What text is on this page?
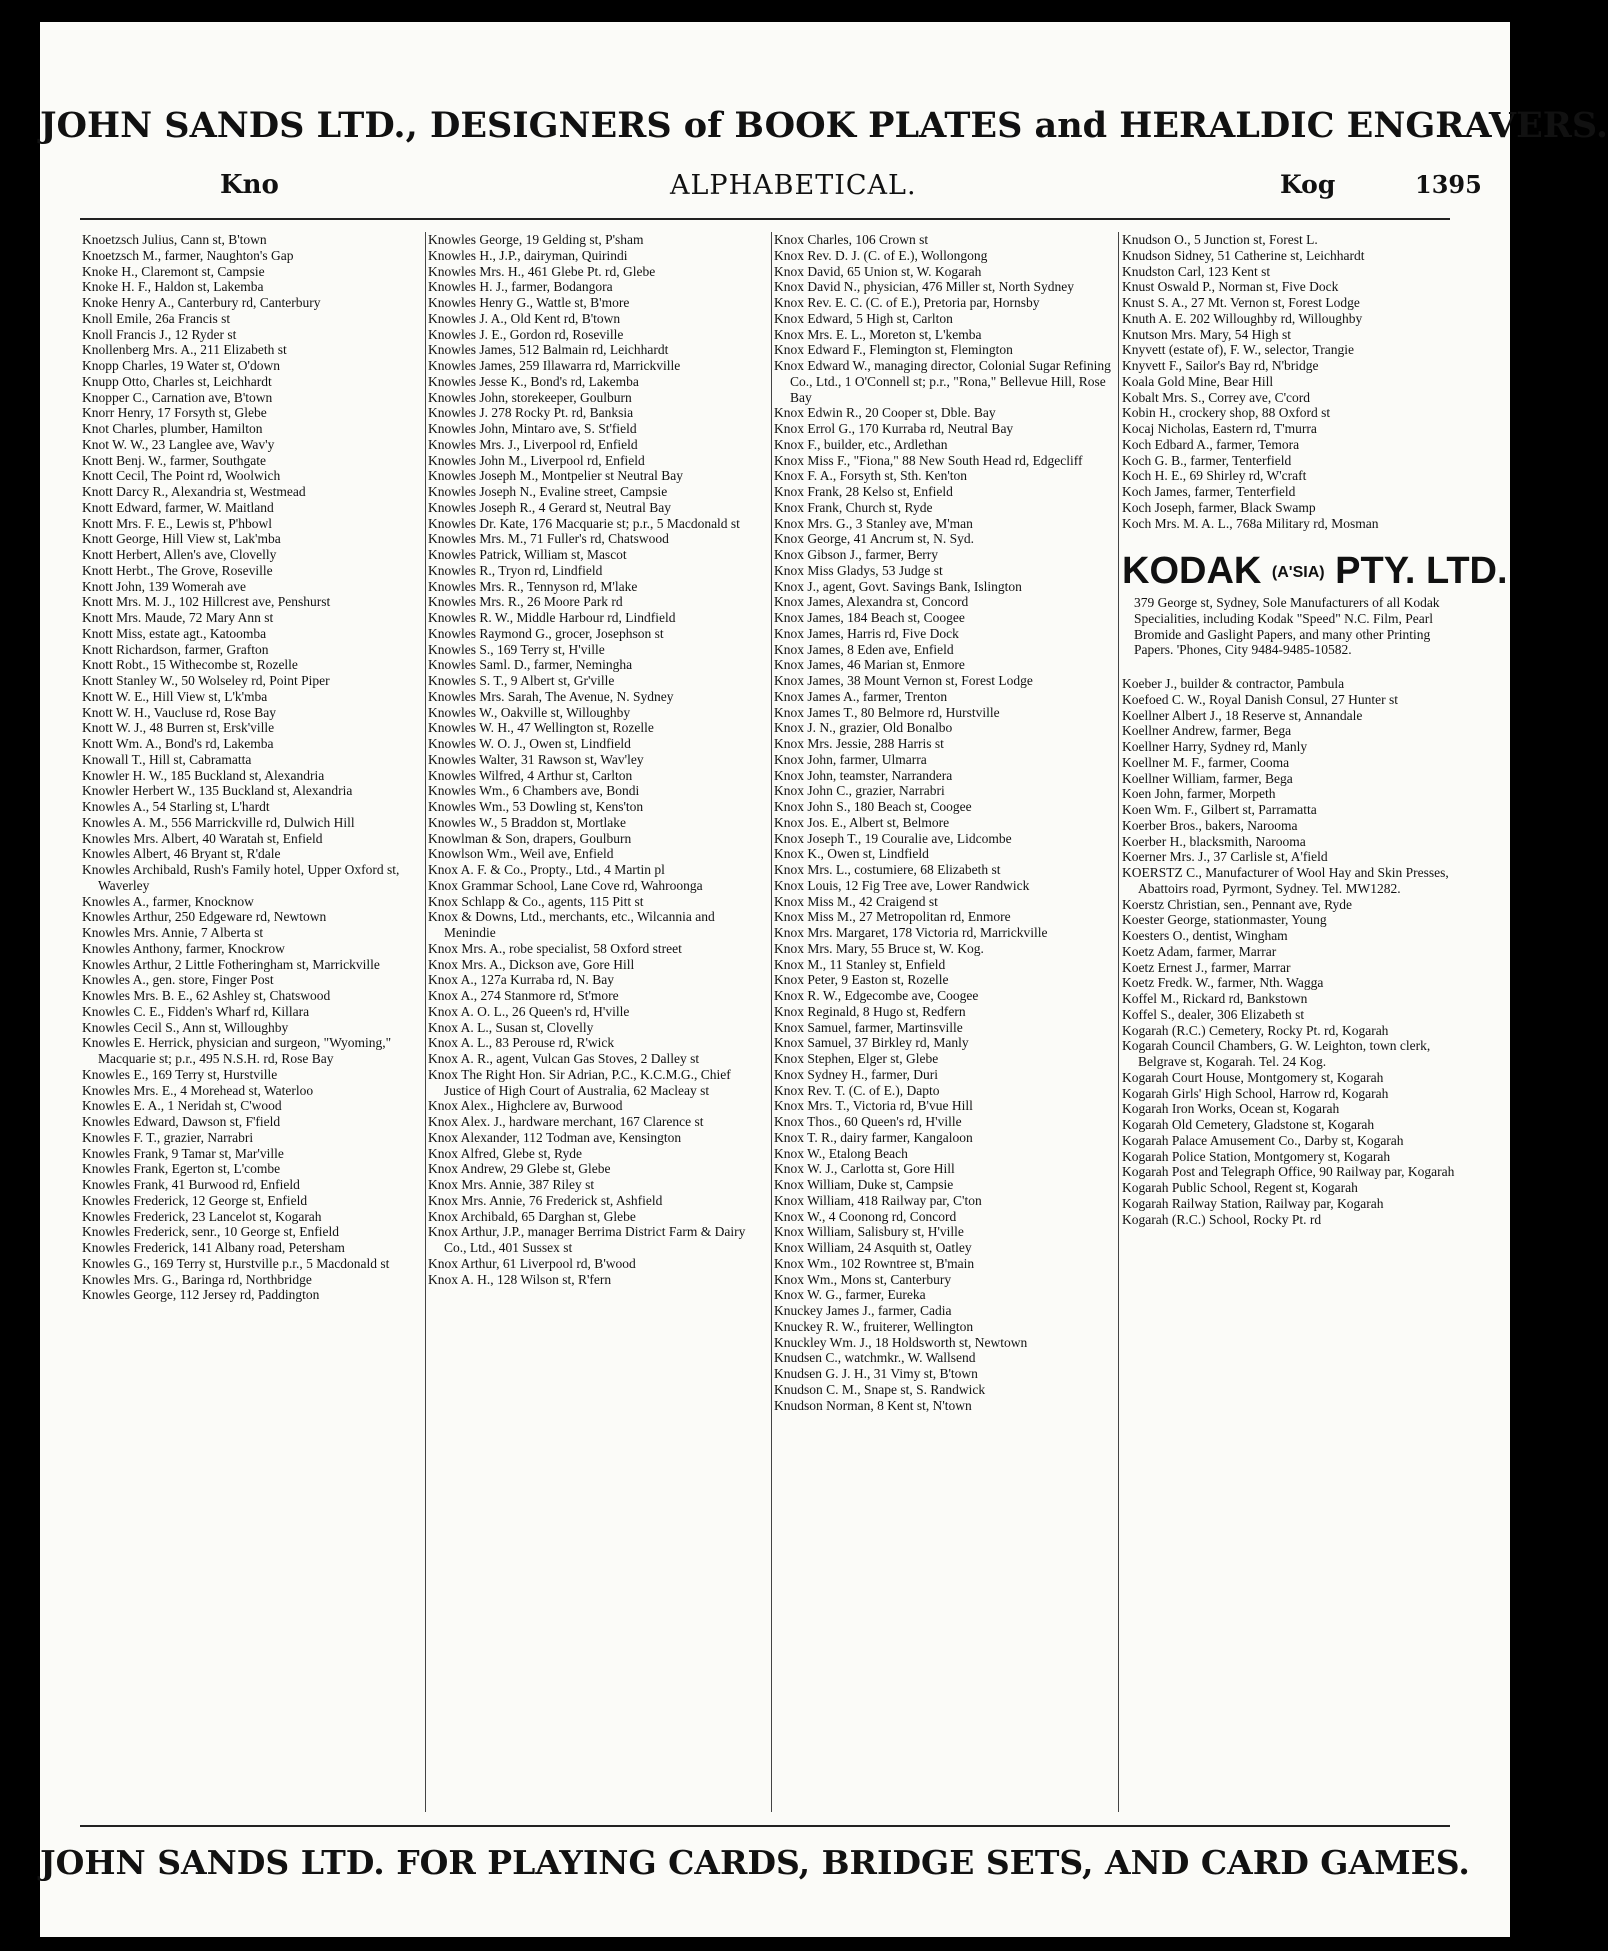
JOHN SANDS LTD., DESIGNERS of BOOK PLATES and HERALDIC ENGRAVERS.
Kno	ALPHABETICAL.	Kog	1395
Knoetzsch Julius, Cann st, B'town
Knoetzsch M., farmer, Naughton's Gap
Knoke H., Claremont st, Campsie
Knoke H. F., Haldon st, Lakemba
Knoke Henry A., Canterbury rd, Canterbury
Knoll Emile, 26a Francis st
Knoll Francis J., 12 Ryder st
Knollenberg Mrs. A., 211 Elizabeth st
Knopp Charles, 19 Water st, O'down
Knupp Otto, Charles st, Leichhardt
Knopper C., Carnation ave, B'town
Knorr Henry, 17 Forsyth st, Glebe
Knot Charles, plumber, Hamilton
Knot W. W., 23 Langlee ave, Wav'y
Knott Benj. W., farmer, Southgate
Knott Cecil, The Point rd, Woolwich
Knott Darcy R., Alexandria st, Westmead
Knott Edward, farmer, W. Maitland
Knott Mrs. F. E., Lewis st, P'hbowl
Knott George, Hill View st, Lak'mba
Knott Herbert, Allen's ave, Clovelly
Knott Herbt., The Grove, Roseville
Knott John, 139 Womerah ave
Knott Mrs. M. J., 102 Hillcrest ave, Penshurst
Knott Mrs. Maude, 72 Mary Ann st
Knott Miss, estate agt., Katoomba
Knott Richardson, farmer, Grafton
Knott Robt., 15 Withecombe st, Rozelle
Knott Stanley W., 50 Wolseley rd, Point Piper
Knott W. E., Hill View st, L'k'mba
Knott W. H., Vaucluse rd, Rose Bay
Knott W. J., 48 Burren st, Ersk'ville
Knott Wm. A., Bond's rd, Lakemba
Knowall T., Hill st, Cabramatta
Knowler H. W., 185 Buckland st, Alexandria
Knowler Herbert W., 135 Buckland st, Alexandria
Knowles A., 54 Starling st, L'hardt
Knowles A. M., 556 Marrickville rd, Dulwich Hill
Knowles Mrs. Albert, 40 Waratah st, Enfield
Knowles Albert, 46 Bryant st, R'dale
Knowles Archibald, Rush's Family hotel, Upper Oxford st, Waverley
Knowles A., farmer, Knocknow
Knowles Arthur, 250 Edgeware rd, Newtown
Knowles Mrs. Annie, 7 Alberta st
Knowles Anthony, farmer, Knockrow
Knowles Arthur, 2 Little Fotheringham st, Marrickville
Knowles A., gen. store, Finger Post
Knowles Mrs. B. E., 62 Ashley st, Chatswood
Knowles C. E., Fidden's Wharf rd, Killara
Knowles Cecil S., Ann st, Willoughby
Knowles E. Herrick, physician and surgeon, "Wyoming," Macquarie st; p.r., 495 N.S.H. rd, Rose Bay
Knowles E., 169 Terry st, Hurstville
Knowles Mrs. E., 4 Morehead st, Waterloo
Knowles E. A., 1 Neridah st, C'wood
Knowles Edward, Dawson st, F'field
Knowles F. T., grazier, Narrabri
Knowles Frank, 9 Tamar st, Mar'ville
Knowles Frank, Egerton st, L'combe
Knowles Frank, 41 Burwood rd, Enfield
Knowles Frederick, 12 George st, Enfield
Knowles Frederick, 23 Lancelot st, Kogarah
Knowles Frederick, senr., 10 George st, Enfield
Knowles Frederick, 141 Albany road, Petersham
Knowles G., 169 Terry st, Hurstville p.r., 5 Macdonald st
Knowles Mrs. G., Baringa rd, Northbridge
Knowles George, 112 Jersey rd, Paddington
Knowles George, 19 Gelding st, P'sham
Knowles H., J.P., dairyman, Quirindi
Knowles Mrs. H., 461 Glebe Pt. rd, Glebe
Knowles H. J., farmer, Bodangora
Knowles Henry G., Wattle st, B'more
Knowles J. A., Old Kent rd, B'town
Knowles J. E., Gordon rd, Roseville
Knowles James, 512 Balmain rd, Leichhardt
Knowles James, 259 Illawarra rd, Marrickville
Knowles Jesse K., Bond's rd, Lakemba
Knowles John, storekeeper, Goulburn
Knowles J. 278 Rocky Pt. rd, Banksia
Knowles John, Mintaro ave, S. St'field
Knowles Mrs. J., Liverpool rd, Enfield
Knowles John M., Liverpool rd, Enfield
Knowles Joseph M., Montpelier st Neutral Bay
Knowles Joseph N., Evaline street, Campsie
Knowles Joseph R., 4 Gerard st, Neutral Bay
Knowles Dr. Kate, 176 Macquarie st; p.r., 5 Macdonald st
Knowles Mrs. M., 71 Fuller's rd, Chatswood
Knowles Patrick, William st, Mascot
Knowles R., Tryon rd, Lindfield
Knowles Mrs. R., Tennyson rd, M'lake
Knowles Mrs. R., 26 Moore Park rd
Knowles R. W., Middle Harbour rd, Lindfield
Knowles Raymond G., grocer, Josephson st
Knowles S., 169 Terry st, H'ville
Knowles Saml. D., farmer, Nemingha
Knowles S. T., 9 Albert st, Gr'ville
Knowles Mrs. Sarah, The Avenue, N. Sydney
Knowles W., Oakville st, Willoughby
Knowles W. H., 47 Wellington st, Rozelle
Knowles W. O. J., Owen st, Lindfield
Knowles Walter, 31 Rawson st, Wav'ley
Knowles Wilfred, 4 Arthur st, Carlton
Knowles Wm., 6 Chambers ave, Bondi
Knowles Wm., 53 Dowling st, Kens'ton
Knowles W., 5 Braddon st, Mortlake
Knowlman & Son, drapers, Goulburn
Knowlson Wm., Weil ave, Enfield
Knox A. F. & Co., Propty., Ltd., 4 Martin pl
Knox Grammar School, Lane Cove rd, Wahroonga
Knox Schlapp & Co., agents, 115 Pitt st
Knox & Downs, Ltd., merchants, etc., Wilcannia and Menindie
Knox Mrs. A., robe specialist, 58 Oxford street
Knox Mrs. A., Dickson ave, Gore Hill
Knox A., 127a Kurraba rd, N. Bay
Knox A., 274 Stanmore rd, St'more
Knox A. O. L., 26 Queen's rd, H'ville
Knox A. L., Susan st, Clovelly
Knox A. L., 83 Perouse rd, R'wick
Knox A. R., agent, Vulcan Gas Stoves, 2 Dalley st
Knox The Right Hon. Sir Adrian, P.C., K.C.M.G., Chief Justice of High Court of Australia, 62 Macleay st
Knox Alex., Highclere av, Burwood
Knox Alex. J., hardware merchant, 167 Clarence st
Knox Alexander, 112 Todman ave, Kensington
Knox Alfred, Glebe st, Ryde
Knox Andrew, 29 Glebe st, Glebe
Knox Mrs. Annie, 387 Riley st
Knox Mrs. Annie, 76 Frederick st, Ashfield
Knox Archibald, 65 Darghan st, Glebe
Knox Arthur, J.P., manager Berrima District Farm & Dairy Co., Ltd., 401 Sussex st
Knox Arthur, 61 Liverpool rd, B'wood
Knox A. H., 128 Wilson st, R'fern
Knox Charles, 106 Crown st
Knox Rev. D. J. (C. of E.), Wollongong
Knox David, 65 Union st, W. Kogarah
Knox David N., physician, 476 Miller st, North Sydney
Knox Rev. E. C. (C. of E.), Pretoria par, Hornsby
Knox Edward, 5 High st, Carlton
Knox Mrs. E. L., Moreton st, L'kemba
Knox Edward F., Flemington st, Flemington
Knox Edward W., managing director, Colonial Sugar Refining Co., Ltd., 1 O'Connell st; p.r., "Rona," Bellevue Hill, Rose Bay
Knox Edwin R., 20 Cooper st, Dble. Bay
Knox Errol G., 170 Kurraba rd, Neutral Bay
Knox F., builder, etc., Ardlethan
Knox Miss F., "Fiona," 88 New South Head rd, Edgecliff
Knox F. A., Forsyth st, Sth. Ken'ton
Knox Frank, 28 Kelso st, Enfield
Knox Frank, Church st, Ryde
Knox Mrs. G., 3 Stanley ave, M'man
Knox George, 41 Ancrum st, N. Syd.
Knox Gibson J., farmer, Berry
Knox Miss Gladys, 53 Judge st
Knox J., agent, Govt. Savings Bank, Islington
Knox James, Alexandra st, Concord
Knox James, 184 Beach st, Coogee
Knox James, Harris rd, Five Dock
Knox James, 8 Eden ave, Enfield
Knox James, 46 Marian st, Enmore
Knox James, 38 Mount Vernon st, Forest Lodge
Knox James A., farmer, Trenton
Knox James T., 80 Belmore rd, Hurstville
Knox J. N., grazier, Old Bonalbo
Knox Mrs. Jessie, 288 Harris st
Knox John, farmer, Ulmarra
Knox John, teamster, Narrandera
Knox John C., grazier, Narrabri
Knox John S., 180 Beach st, Coogee
Knox Jos. E., Albert st, Belmore
Knox Joseph T., 19 Couralie ave, Lidcombe
Knox K., Owen st, Lindfield
Knox Mrs. L., costumiere, 68 Elizabeth st
Knox Louis, 12 Fig Tree ave, Lower Randwick
Knox Miss M., 42 Craigend st
Knox Miss M., 27 Metropolitan rd, Enmore
Knox Mrs. Margaret, 178 Victoria rd, Marrickville
Knox Mrs. Mary, 55 Bruce st, W. Kog.
Knox M., 11 Stanley st, Enfield
Knox Peter, 9 Easton st, Rozelle
Knox R. W., Edgecombe ave, Coogee
Knox Reginald, 8 Hugo st, Redfern
Knox Samuel, farmer, Martinsville
Knox Samuel, 37 Birkley rd, Manly
Knox Stephen, Elger st, Glebe
Knox Sydney H., farmer, Duri
Knox Rev. T. (C. of E.), Dapto
Knox Mrs. T., Victoria rd, B'vue Hill
Knox Thos., 60 Queen's rd, H'ville
Knox T. R., dairy farmer, Kangaloon
Knox W., Etalong Beach
Knox W. J., Carlotta st, Gore Hill
Knox William, Duke st, Campsie
Knox William, 418 Railway par, C'ton
Knox W., 4 Coonong rd, Concord
Knox William, Salisbury st, H'ville
Knox William, 24 Asquith st, Oatley
Knox Wm., 102 Rowntree st, B'main
Knox Wm., Mons st, Canterbury
Knox W. G., farmer, Eureka
Knuckey James J., farmer, Cadia
Knuckey R. W., fruiterer, Wellington
Knuckley Wm. J., 18 Holdsworth st, Newtown
Knudsen C., watchmkr., W. Wallsend
Knudsen G. J. H., 31 Vimy st, B'town
Knudson C. M., Snape st, S. Randwick
Knudson Norman, 8 Kent st, N'town
Knudson O., 5 Junction st, Forest L.
Knudson Sidney, 51 Catherine st, Leichhardt
Knudston Carl, 123 Kent st
Knust Oswald P., Norman st, Five Dock
Knust S. A., 27 Mt. Vernon st, Forest Lodge
Knuth A. E. 202 Willoughby rd, Willoughby
Knutson Mrs. Mary, 54 High st
Knyvett (estate of), F. W., selector, Trangie
Knyvett F., Sailor's Bay rd, N'bridge
Koala Gold Mine, Bear Hill
Kobalt Mrs. S., Correy ave, C'cord
Kobin H., crockery shop, 88 Oxford st
Kocaj Nicholas, Eastern rd, T'murra
Koch Edbard A., farmer, Temora
Koch G. B., farmer, Tenterfield
Koch H. E., 69 Shirley rd, W'craft
Koch James, farmer, Tenterfield
Koch Joseph, farmer, Black Swamp
Koch Mrs. M. A. L., 768a Military rd, Mosman
KODAK (A'SIA) PTY. LTD.
379 George st, Sydney, Sole Manufacturers of all Kodak Specialities, including Kodak "Speed" N.C. Film, Pearl Bromide and Gaslight Papers, and many other Printing Papers. 'Phones, City 9484-9485-10582.
Koeber J., builder & contractor, Pambula
Koefoed C. W., Royal Danish Consul, 27 Hunter st
Koellner Albert J., 18 Reserve st, Annandale
Koellner Andrew, farmer, Bega
Koellner Harry, Sydney rd, Manly
Koellner M. F., farmer, Cooma
Koellner William, farmer, Bega
Koen John, farmer, Morpeth
Koen Wm. F., Gilbert st, Parramatta
Koerber Bros., bakers, Narooma
Koerber H., blacksmith, Narooma
Koerner Mrs. J., 37 Carlisle st, A'field
KOERSTZ C., Manufacturer of Wool Hay and Skin Presses, Abattoirs road, Pyrmont, Sydney. Tel. MW1282.
Koerstz Christian, sen., Pennant ave, Ryde
Koester George, stationmaster, Young
Koesters O., dentist, Wingham
Koetz Adam, farmer, Marrar
Koetz Ernest J., farmer, Marrar
Koetz Fredk. W., farmer, Nth. Wagga
Koffel M., Rickard rd, Bankstown
Koffel S., dealer, 306 Elizabeth st
Kogarah (R.C.) Cemetery, Rocky Pt. rd, Kogarah
Kogarah Council Chambers, G. W. Leighton, town clerk, Belgrave st, Kogarah. Tel. 24 Kog.
Kogarah Court House, Montgomery st, Kogarah
Kogarah Girls' High School, Harrow rd, Kogarah
Kogarah Iron Works, Ocean st, Kogarah
Kogarah Old Cemetery, Gladstone st, Kogarah
Kogarah Palace Amusement Co., Darby st, Kogarah
Kogarah Police Station, Montgomery st, Kogarah
Kogarah Post and Telegraph Office, 90 Railway par, Kogarah
Kogarah Public School, Regent st, Kogarah
Kogarah Railway Station, Railway par, Kogarah
Kogarah (R.C.) School, Rocky Pt. rd
JOHN SANDS LTD. FOR PLAYING CARDS, BRIDGE SETS, AND CARD GAMES.
